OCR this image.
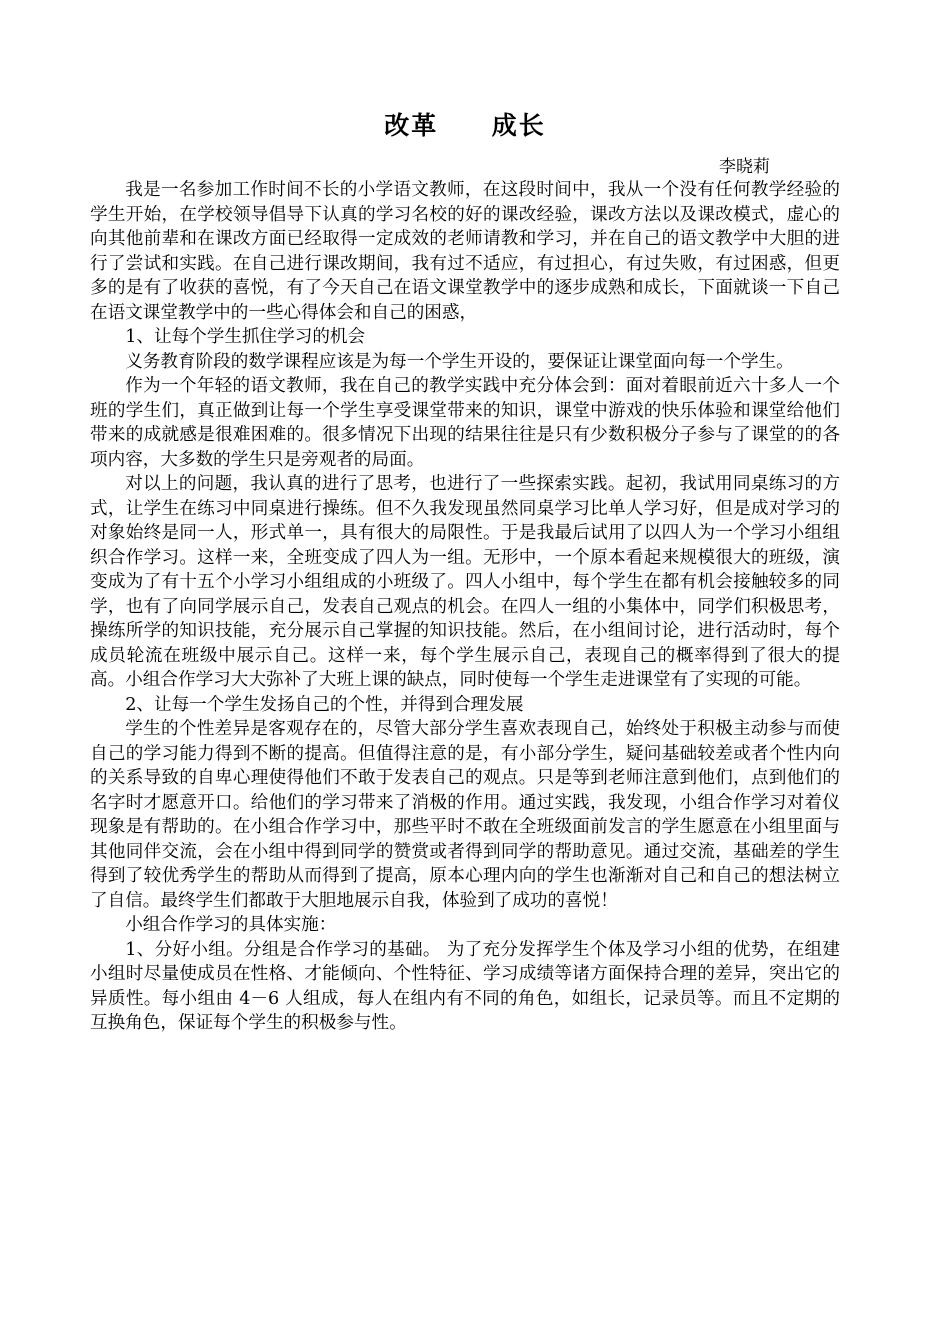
改革     成长
李晓莉

我是一名参加工作时间不长的小学语文教师，在这段时间中，我从一个没有任何教学经验的学生开始，在学校领导倡导下认真的学习名校的好的课改经验，课改方法以及课改模式，虚心的向其他前辈和在课改方面已经取得一定成效的老师请教和学习，并在自己的语文教学中大胆的进行了尝试和实践。在自己进行课改期间，我有过不适应，有过担心，有过失败，有过困惑，但更多的是有了收获的喜悦，有了今天自己在语文课堂教学中的逐步成熟和成长，下面就谈一下自己在语文课堂教学中的一些心得体会和自己的困惑，

1、让每个学生抓住学习的机会

义务教育阶段的数学课程应该是为每一个学生开设的，要保证让课堂面向每一个学生。

作为一个年轻的语文教师，我在自己的教学实践中充分体会到：面对着眼前近六十多人一个班的学生们，真正做到让每一个学生享受课堂带来的知识，课堂中游戏的快乐体验和课堂给他们带来的成就感是很难困难的。很多情况下出现的结果往往是只有少数积极分子参与了课堂的的各项内容，大多数的学生只是旁观者的局面。

对以上的问题，我认真的进行了思考，也进行了一些探索实践。起初，我试用同桌练习的方式，让学生在练习中同桌进行操练。但不久我发现虽然同桌学习比单人学习好，但是成对学习的对象始终是同一人，形式单一，具有很大的局限性。于是我最后试用了以四人为一个学习小组组织合作学习。这样一来，全班变成了四人为一组。无形中，一个原本看起来规模很大的班级，演变成为了有十五个小学习小组组成的小班级了。四人小组中，每个学生在都有机会接触较多的同学，也有了向同学展示自己，发表自己观点的机会。在四人一组的小集体中，同学们积极思考，操练所学的知识技能，充分展示自己掌握的知识技能。然后，在小组间讨论，进行活动时，每个成员轮流在班级中展示自己。这样一来，每个学生展示自己，表现自己的概率得到了很大的提高。小组合作学习大大弥补了大班上课的缺点，同时使每一个学生走进课堂有了实现的可能。

2、让每一个学生发扬自己的个性，并得到合理发展

学生的个性差异是客观存在的，尽管大部分学生喜欢表现自己，始终处于积极主动参与而使自己的学习能力得到不断的提高。但值得注意的是，有小部分学生，疑问基础较差或者个性内向的关系导致的自卑心理使得他们不敢于发表自己的观点。只是等到老师注意到他们，点到他们的名字时才愿意开口。给他们的学习带来了消极的作用。通过实践，我发现，小组合作学习对着仪现象是有帮助的。在小组合作学习中，那些平时不敢在全班级面前发言的学生愿意在小组里面与其他同伴交流，会在小组中得到同学的赞赏或者得到同学的帮助意见。通过交流，基础差的学生得到了较优秀学生的帮助从而得到了提高，原本心理内向的学生也渐渐对自己和自己的想法树立了自信。最终学生们都敢于大胆地展示自我，体验到了成功的喜悦！

小组合作学习的具体实施：

1、分好小组。分组是合作学习的基础。 为了充分发挥学生个体及学习小组的优势，在组建小组时尽量使成员在性格、才能倾向、个性特征、学习成绩等诸方面保持合理的差异，突出它的异质性。每小组由 4－6 人组成，每人在组内有不同的角色，如组长，记录员等。而且不定期的互换角色，保证每个学生的积极参与性。
